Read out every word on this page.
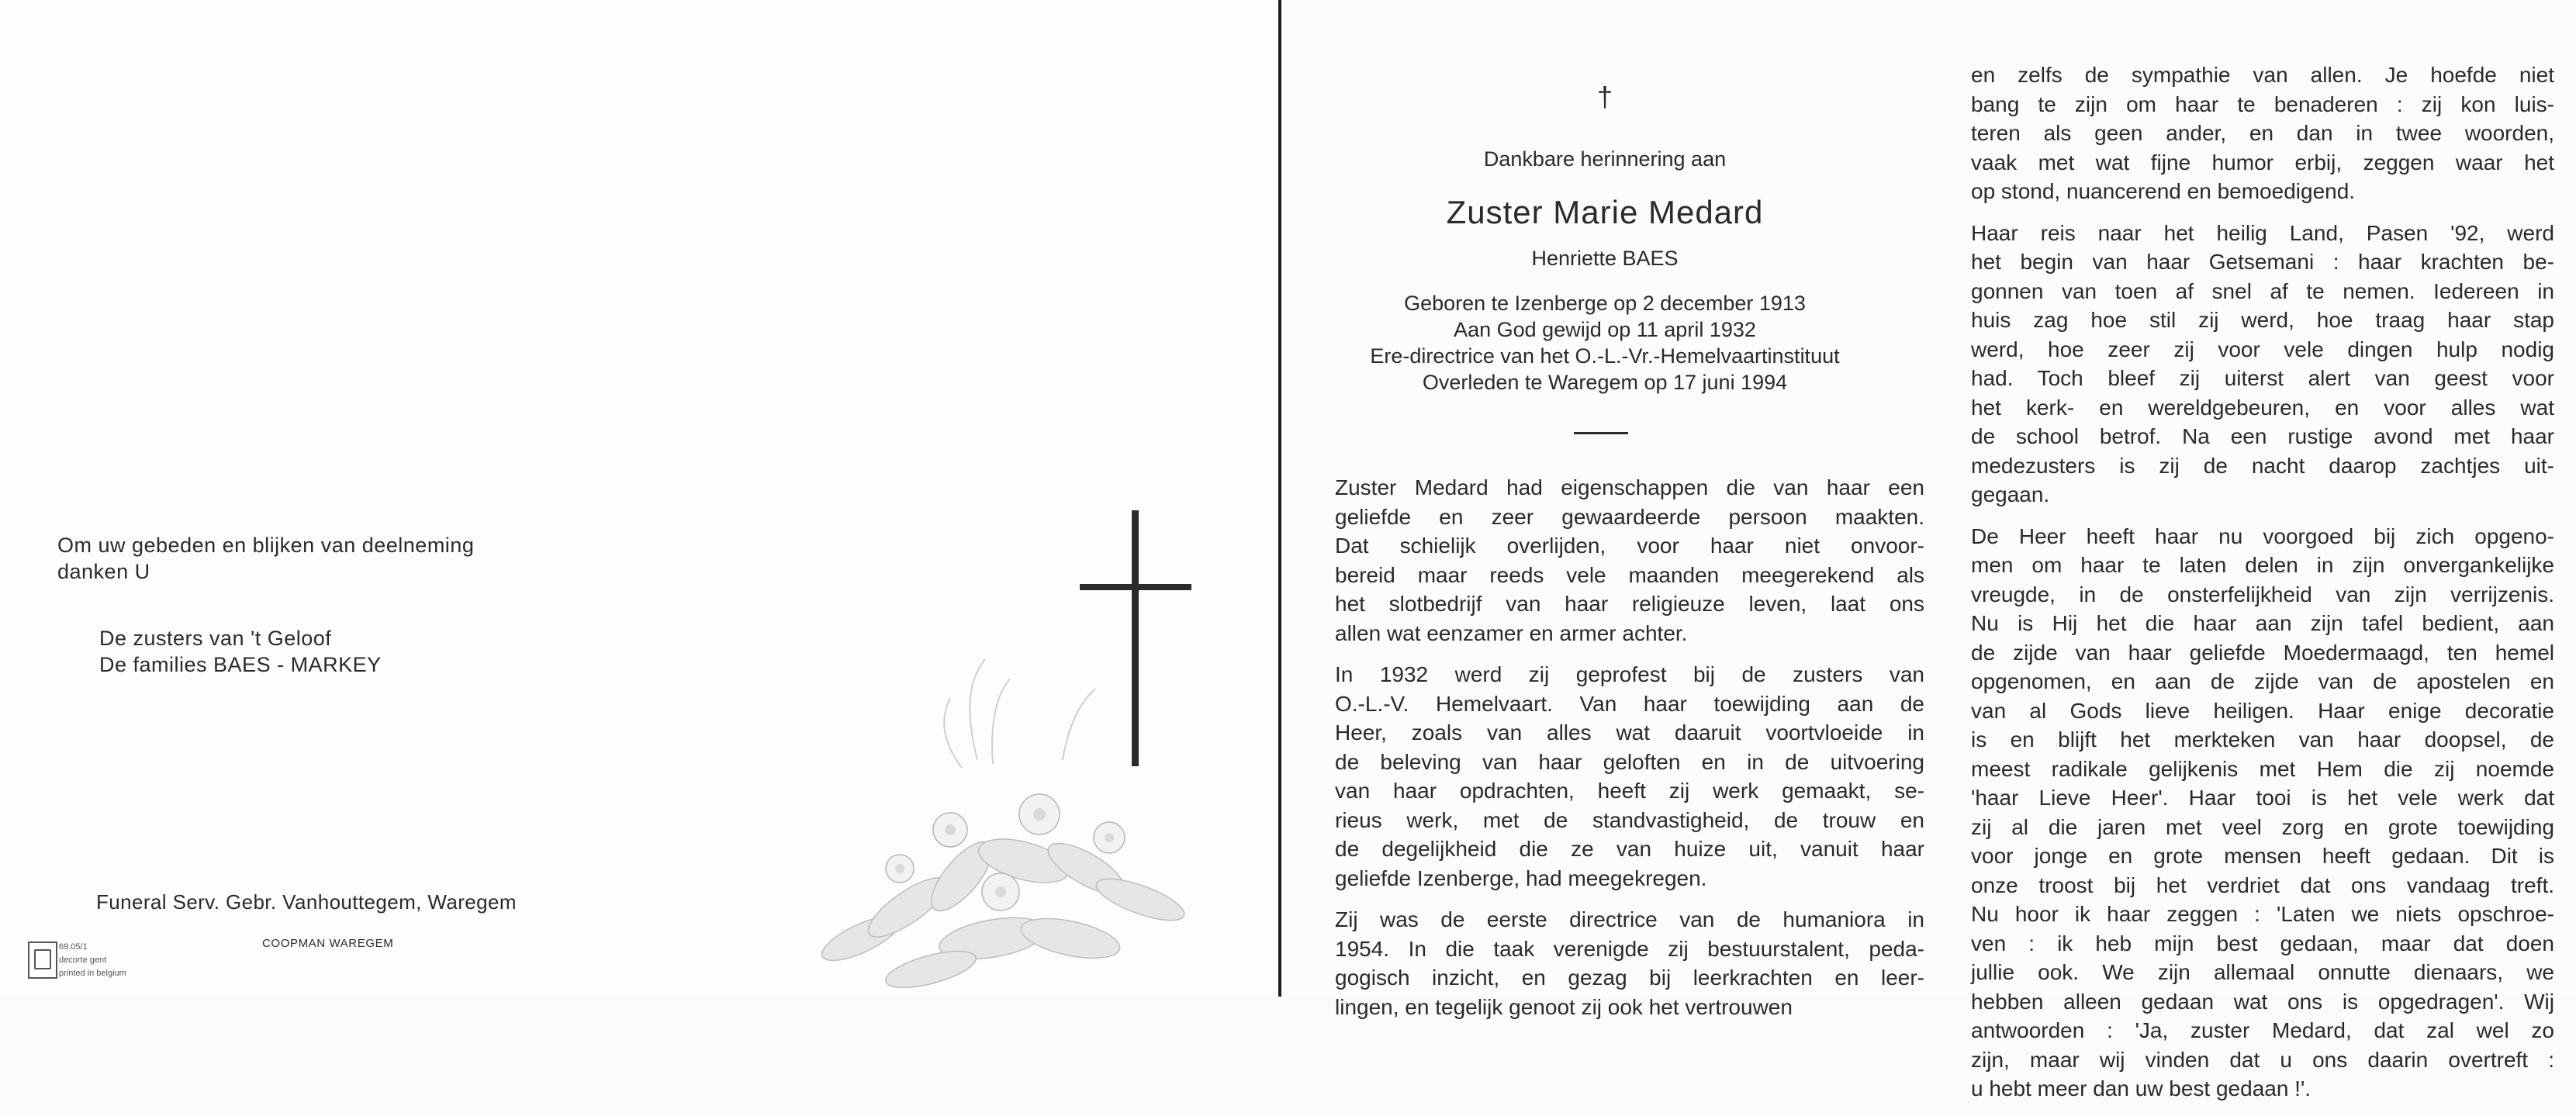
Om uw gebeden en blijken van deelneming
danken U
De zusters van 't Geloof
De families BAES - MARKEY
Funeral Serv. Gebr. Vanhouttegem, Waregem
COOPMAN WAREGEM
69.05/1
decorte gent
printed in belgium
†
Dankbare herinnering aan
Zuster Marie Medard
Henriette BAES
Geboren te Izenberge op 2 december 1913
Aan God gewijd op 11 april 1932
Ere-directrice van het O.-L.-Vr.-Hemelvaartinstituut
Overleden te Waregem op 17 juni 1994
Zuster Medard had eigenschappen die van haar een
geliefde en zeer gewaardeerde persoon maakten.
Dat schielijk overlijden, voor haar niet onvoor-
bereid maar reeds vele maanden meegerekend als
het slotbedrijf van haar religieuze leven, laat ons
allen wat eenzamer en armer achter.
In 1932 werd zij geprofest bij de zusters van
O.-L.-V. Hemelvaart. Van haar toewijding aan de
Heer, zoals van alles wat daaruit voortvloeide in
de beleving van haar geloften en in de uitvoering
van haar opdrachten, heeft zij werk gemaakt, se-
rieus werk, met de standvastigheid, de trouw en
de degelijkheid die ze van huize uit, vanuit haar
geliefde Izenberge, had meegekregen.
Zij was de eerste directrice van de humaniora in
1954. In die taak verenigde zij bestuurstalent, peda-
gogisch inzicht, en gezag bij leerkrachten en leer-
lingen, en tegelijk genoot zij ook het vertrouwen
en zelfs de sympathie van allen. Je hoefde niet
bang te zijn om haar te benaderen : zij kon luis-
teren als geen ander, en dan in twee woorden,
vaak met wat fijne humor erbij, zeggen waar het
op stond, nuancerend en bemoedigend.
Haar reis naar het heilig Land, Pasen '92, werd
het begin van haar Getsemani : haar krachten be-
gonnen van toen af snel af te nemen. Iedereen in
huis zag hoe stil zij werd, hoe traag haar stap
werd, hoe zeer zij voor vele dingen hulp nodig
had. Toch bleef zij uiterst alert van geest voor
het kerk- en wereldgebeuren, en voor alles wat
de school betrof. Na een rustige avond met haar
medezusters is zij de nacht daarop zachtjes uit-
gegaan.
De Heer heeft haar nu voorgoed bij zich opgeno-
men om haar te laten delen in zijn onvergankelijke
vreugde, in de onsterfelijkheid van zijn verrijzenis.
Nu is Hij het die haar aan zijn tafel bedient, aan
de zijde van haar geliefde Moedermaagd, ten hemel
opgenomen, en aan de zijde van de apostelen en
van al Gods lieve heiligen. Haar enige decoratie
is en blijft het merkteken van haar doopsel, de
meest radikale gelijkenis met Hem die zij noemde
'haar Lieve Heer'. Haar tooi is het vele werk dat
zij al die jaren met veel zorg en grote toewijding
voor jonge en grote mensen heeft gedaan. Dit is
onze troost bij het verdriet dat ons vandaag treft.
Nu hoor ik haar zeggen : 'Laten we niets opschroe-
ven : ik heb mijn best gedaan, maar dat doen
jullie ook. We zijn allemaal onnutte dienaars, we
hebben alleen gedaan wat ons is opgedragen'. Wij
antwoorden : 'Ja, zuster Medard, dat zal wel zo
zijn, maar wij vinden dat u ons daarin overtreft :
u hebt meer dan uw best gedaan !'.
